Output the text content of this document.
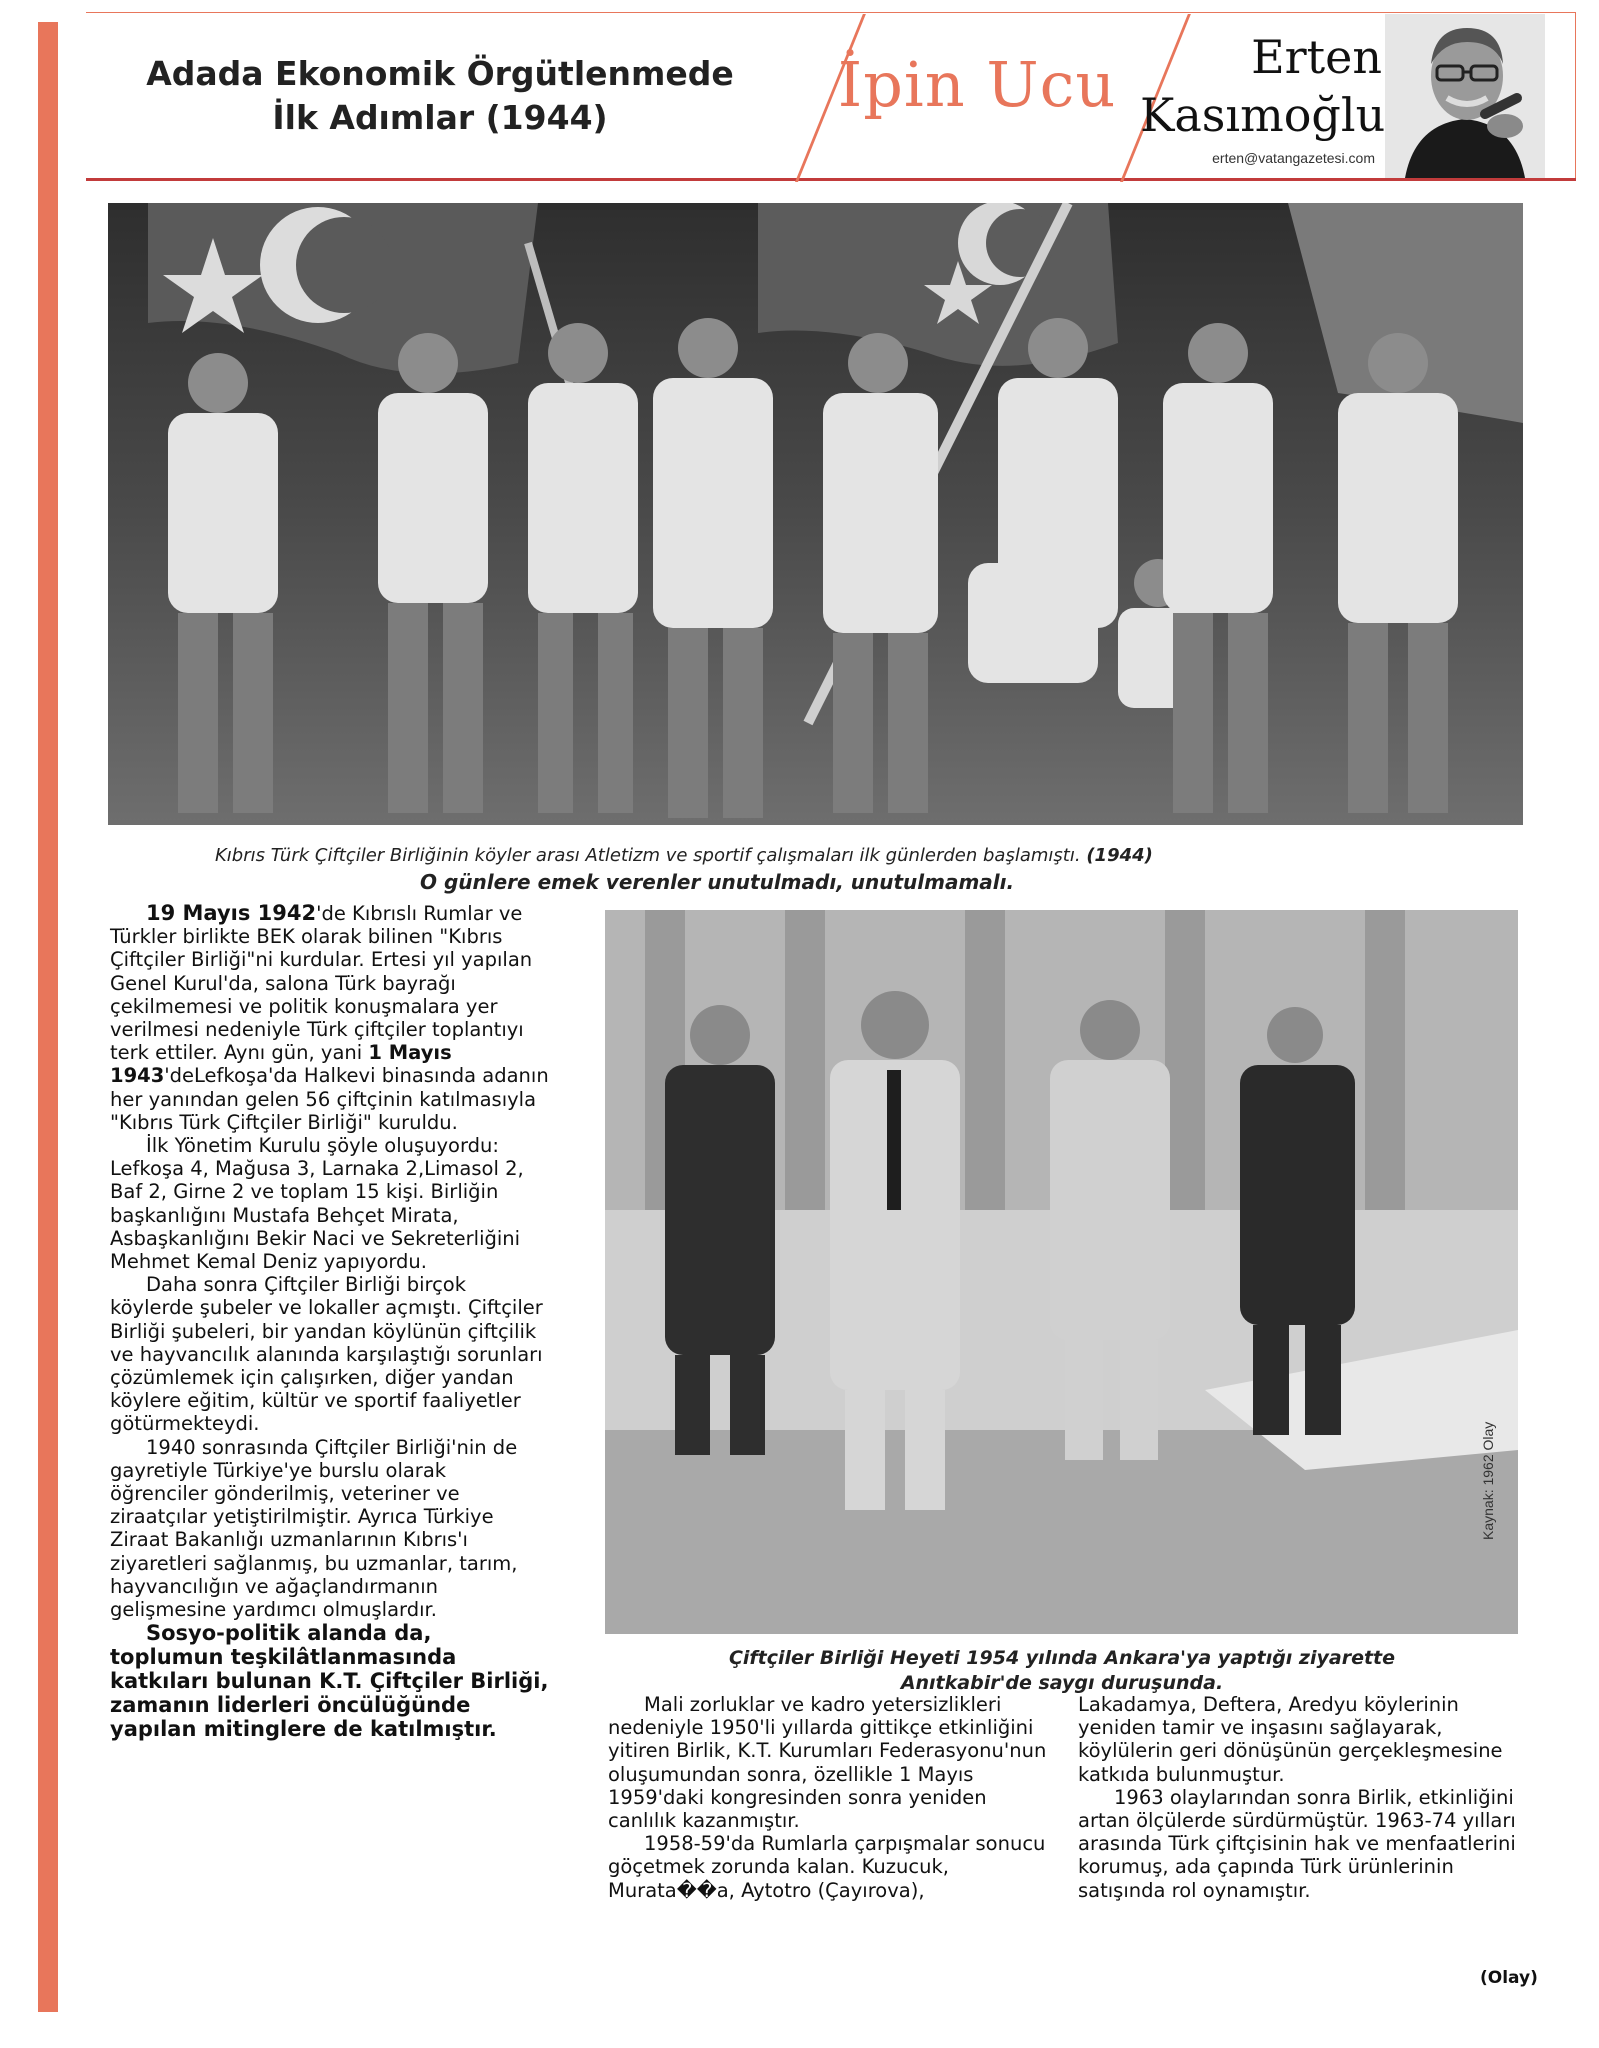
Adada Ekonomik Örgütlenmede
İlk Adımlar (1944)	İpin Ucu	Erten
Kasımoğlu
erten@vatangazetesi.com
Kıbrıs Türk Çiftçiler Birliğinin köyler arası Atletizm ve sportif çalışmaları ilk günlerden başlamıştı. (1944)
O günlere emek verenler unutulmadı, unutulmamalı.

19 Mayıs 1942'de Kıbrıslı Rumlar ve Türkler birlikte BEK olarak bilinen "Kıbrıs Çiftçiler Birliği"ni kurdular. Ertesi yıl yapılan Genel Kurul'da, salona Türk bayrağı çekilmemesi ve politik konuşmalara yer verilmesi nedeniyle Türk çiftçiler toplantıyı terk ettiler. Aynı gün, yani 1 Mayıs 1943'deLefkoşa'da Halkevi binasında adanın her yanından gelen 56 çiftçinin katılmasıyla "Kıbrıs Türk Çiftçiler Birliği" kuruldu.

İlk Yönetim Kurulu şöyle oluşuyordu: Lefkoşa 4, Mağusa 3, Larnaka 2,Limasol 2, Baf 2, Girne 2 ve toplam 15 kişi. Birliğin başkanlığını Mustafa Behçet Mirata, Asbaşkanlığını Bekir Naci ve Sekreterliğini Mehmet Kemal Deniz yapıyordu.

Daha sonra Çiftçiler Birliği birçok köylerde şubeler ve lokaller açmıştı. Çiftçiler Birliği şubeleri, bir yandan köylünün çiftçilik ve hayvancılık alanında karşılaştığı sorunları çözümlemek için çalışırken, diğer yandan köylere eğitim, kültür ve sportif faaliyetler götürmekteydi.

1940 sonrasında Çiftçiler Birliği'nin de gayretiyle Türkiye'ye burslu olarak öğrenciler gönderilmiş, veteriner ve ziraatçılar yetiştirilmiştir. Ayrıca Türkiye Ziraat Bakanlığı uzmanlarının Kıbrıs'ı ziyaretleri sağlanmış, bu uzmanlar, tarım, hayvancılığın ve ağaçlandırmanın gelişmesine yardımcı olmuşlardır.

Sosyo-politik alanda da, toplumun teşkilâtlanmasında katkıları bulunan K.T. Çiftçiler Birliği, zamanın liderleri öncülüğünde yapılan mitinglere de katılmıştır.

Kaynak: 1962 Olay
Çiftçiler Birliği Heyeti 1954 yılında Ankara'ya yaptığı ziyarette
Anıtkabir'de saygı duruşunda.

Mali zorluklar ve kadro yetersizlikleri nedeniyle 1950'li yıllarda gittikçe etkinliğini yitiren Birlik, K.T. Kurumları Federasyonu'nun oluşumundan sonra, özellikle 1 Mayıs 1959'daki kongresinden sonra yeniden canlılık kazanmıştır.

1958-59'da Rumlarla çarpışmalar sonucu göçetmek zorunda kalan. Kuzucuk, Murata��a, Aytotro (Çayırova),

Lakadamya, Deftera, Aredyu köylerinin yeniden tamir ve inşasını sağlayarak, köylülerin geri dönüşünün gerçekleşmesine katkıda bulunmuştur.

1963 olaylarından sonra Birlik, etkinliğini artan ölçülerde sürdürmüştür. 1963-74 yılları arasında Türk çiftçisinin hak ve menfaatlerini korumuş, ada çapında Türk ürünlerinin satışında rol oynamıştır.

(Olay)
